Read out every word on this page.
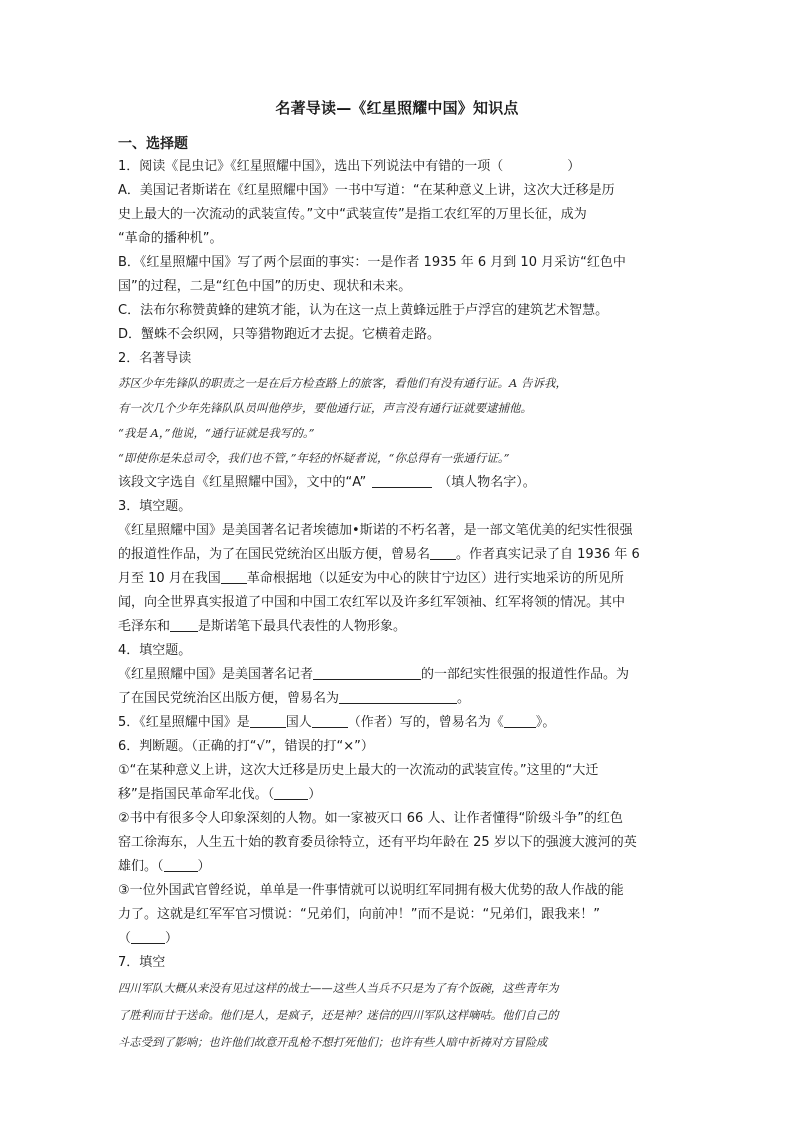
名著导读—《红星照耀中国》知识点

一、选择题

1．阅读《昆虫记》《红星照耀中国》，选出下列说法中有错的一项（	）

A．美国记者斯诺在《红星照耀中国》一书中写道：“在某种意义上讲，这次大迁移是历

史上最大的一次流动的武装宣传。”文中“武装宣传”是指工农红军的万里长征，成为

“革命的播种机”。

B．《红星照耀中国》写了两个层面的事实：一是作者 1935 年 6 月到 10 月采访“红色中

国”的过程，二是“红色中国”的历史、现状和未来。

C．法布尔称赞黄蜂的建筑才能，认为在这一点上黄蜂远胜于卢浮宫的建筑艺术智慧。

D．蟹蛛不会织网，只等猎物跑近才去捉。它横着走路。

2．名著导读

苏区少年先锋队的职责之一是在后方检查路上的旅客，看他们有没有通行证。A 告诉我，

有一次几个少年先锋队队员叫他停步，要他通行证，声言没有通行证就要逮捕他。

“我是 A，”他说，“通行证就是我写的。”

“即使你是朱总司令，我们也不管，”年轻的怀疑者说，“你总得有一张通行证。”

该段文字选自《红星照耀中国》，文中的“A”	（填人物名字）。

3．填空题。

《红星照耀中国》是美国著名记者埃德加•斯诺的不朽名著，是一部文笔优美的纪实性很强

的报道性作品，为了在国民党统治区出版方便，曾易名 。作者真实记录了自 1936 年 6

月至 10 月在我国 革命根据地（以延安为中心的陕甘宁边区）进行实地采访的所见所

闻，向全世界真实报道了中国和中国工农红军以及许多红军领袖、红军将领的情况。其中

毛泽东和 是斯诺笔下最具代表性的人物形象。

4．填空题。

《红星照耀中国》是美国著名记者	的一部纪实性很强的报道性作品。为

了在国民党统治区出版方便，曾易名为	。

5．《红星照耀中国》是	国人	（作者）写的，曾易名为《 》。

6．判断题。（正确的打“√”，错误的打“×”）

①“在某种意义上讲，这次大迁移是历史上最大的一次流动的武装宣传。”这里的“大迁

移”是指国民革命军北伐。（	）

②书中有很多令人印象深刻的人物。如一家被灭口 66 人、让作者懂得“阶级斗争”的红色

窑工徐海东，人生五十始的教育委员徐特立，还有平均年龄在 25 岁以下的强渡大渡河的英

雄们。（	）

③一位外国武官曾经说，单单是一件事情就可以说明红军同拥有极大优势的敌人作战的能

力了。这就是红军军官习惯说：“兄弟们，向前冲！”而不是说：“兄弟们，跟我来！”

（	）

7．填空

四川军队大概从来没有见过这样的战士——这些人当兵不只是为了有个饭碗，这些青年为

了胜利而甘于送命。他们是人，是疯子，还是神？迷信的四川军队这样嘀咕。他们自己的

斗志受到了影响；也许他们故意开乱枪不想打死他们；也许有些人暗中祈祷对方冒险成
